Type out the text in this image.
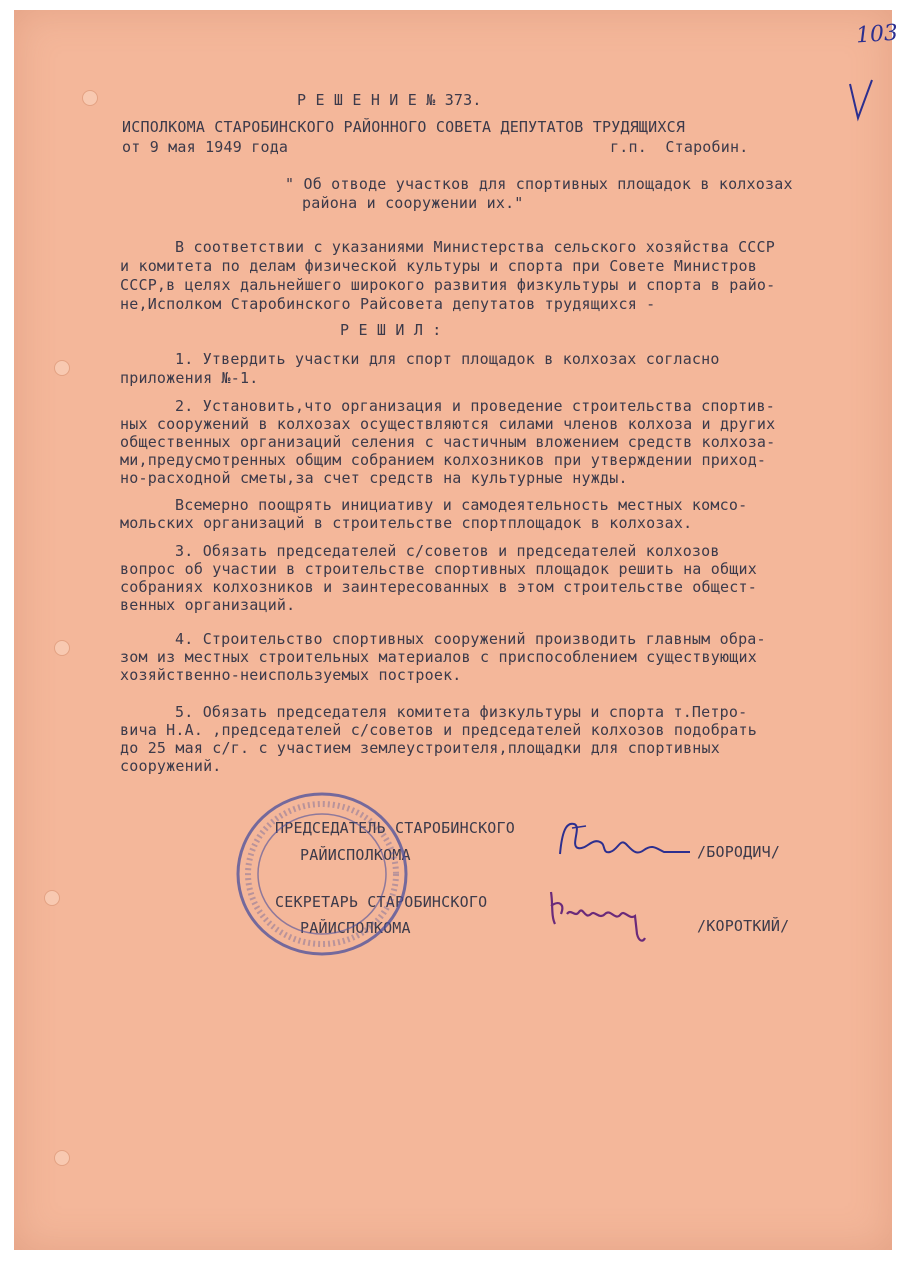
103

Р Е Ш Е Н И Е № 373.

ИСПОЛКОМА СТАРОБИНСКОГО РАЙОННОГО СОВЕТА ДЕПУТАТОВ ТРУДЯЩИХСЯ

от 9 мая 1949 года

	г.п.  Старобин.

" Об отводе участков для спортивных площадок в колхозах

района и сооружении их."

В соответствии с указаниями Министерства сельского хозяйства СССР

и комитета по делам физической культуры и спорта при Совете Министров

СССР,в целях дальнейшего широкого развития физкультуры и спорта в райо-

не,Исполком Старобинского Райсовета депутатов трудящихся -

Р Е Ш И Л :

1. Утвердить участки для спорт площадок в колхозах согласно

приложения №-1.

2. Установить,что организация и проведение строительства спортив-

ных сооружений в колхозах осуществляются силами членов колхоза и других

общественных организаций селения с частичным вложением средств колхоза-

ми,предусмотренных общим собранием колхозников при утверждении приход-

но-расходной сметы,за счет средств на культурные нужды.

Всемерно поощрять инициативу и самодеятельность местных комсо-

мольских организаций в строительстве спортплощадок в колхозах.

3. Обязать председателей с/советов и председателей колхозов

вопрос об участии в строительстве спортивных площадок решить на общих

собраниях колхозников и заинтересованных в этом строительстве общест-

венных организаций.

4. Строительство спортивных сооружений производить главным обра-

зом из местных строительных материалов с приспособлением существующих

хозяйственно-неиспользуемых построек.

5. Обязать председателя комитета физкультуры и спорта т.Петро-

вича Н.А. ,председателей с/советов и председателей колхозов подобрать

до 25 мая с/г. с участием землеустроителя,площадки для спортивных

сооружений.

ПРЕДСЕДАТЕЛЬ СТАРОБИНСКОГО

РАЙИСПОЛКОМА

	/БОРОДИЧ/

СЕКРЕТАРЬ СТАРОБИНСКОГО

РАЙИСПОЛКОМА

	/КОРОТКИЙ/
